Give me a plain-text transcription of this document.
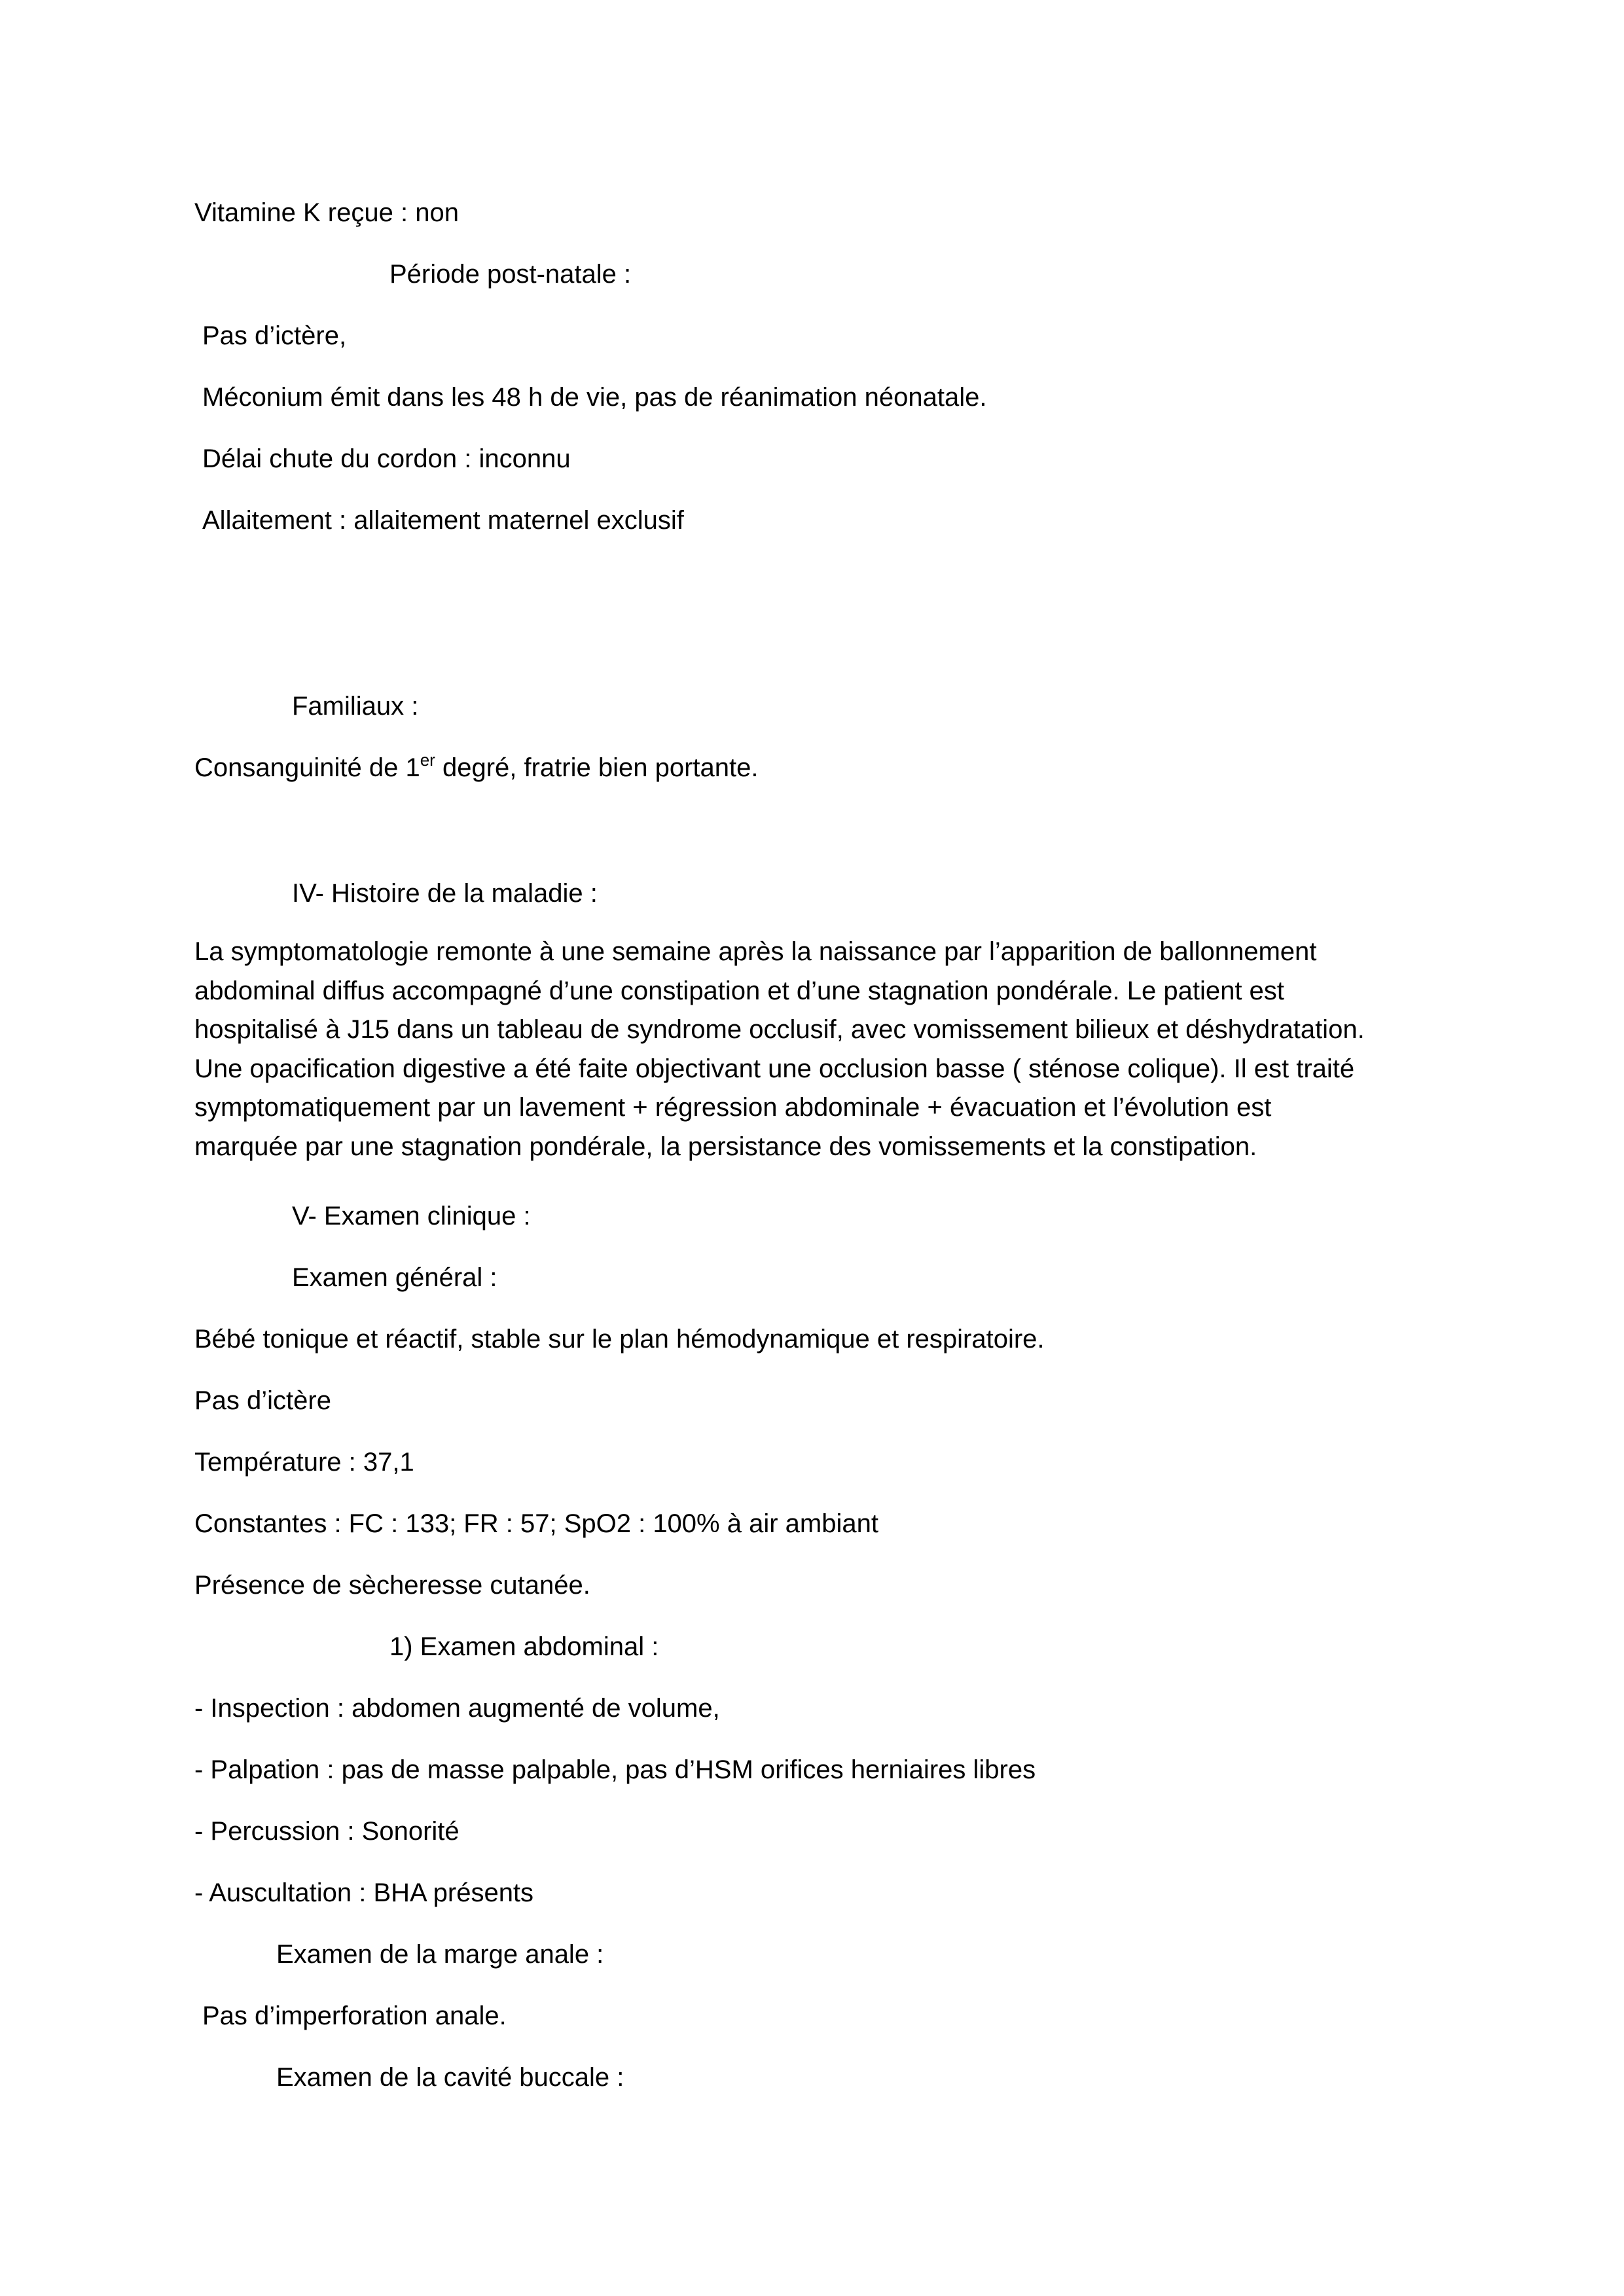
Vitamine K reçue : non
Période post-natale :
Pas d’ictère,
Méconium émit dans les 48 h de vie, pas de réanimation néonatale.
Délai chute du cordon : inconnu
Allaitement : allaitement maternel exclusif
Familiaux :
Consanguinité de 1er degré, fratrie bien portante.
IV- Histoire de la maladie :
La symptomatologie remonte à une semaine après la naissance par l’apparition de ballonnement
abdominal diffus accompagné d’une constipation et d’une stagnation pondérale. Le patient est
hospitalisé à J15 dans un tableau de syndrome occlusif, avec vomissement bilieux et déshydratation.
Une opacification digestive a été faite objectivant une occlusion basse ( sténose colique). Il est traité
symptomatiquement par un lavement + régression abdominale + évacuation et l’évolution est
marquée par une stagnation pondérale, la persistance des vomissements et la constipation.
V- Examen clinique :
Examen général :
Bébé tonique et réactif, stable sur le plan hémodynamique et respiratoire.
Pas d’ictère
Température : 37,1
Constantes : FC : 133; FR : 57; SpO2 : 100% à air ambiant
Présence de sècheresse cutanée.
1) Examen abdominal :
- Inspection : abdomen augmenté de volume,
- Palpation : pas de masse palpable, pas d’HSM orifices herniaires libres
- Percussion : Sonorité
- Auscultation : BHA présents
Examen de la marge anale :
Pas d’imperforation anale.
Examen de la cavité buccale :
